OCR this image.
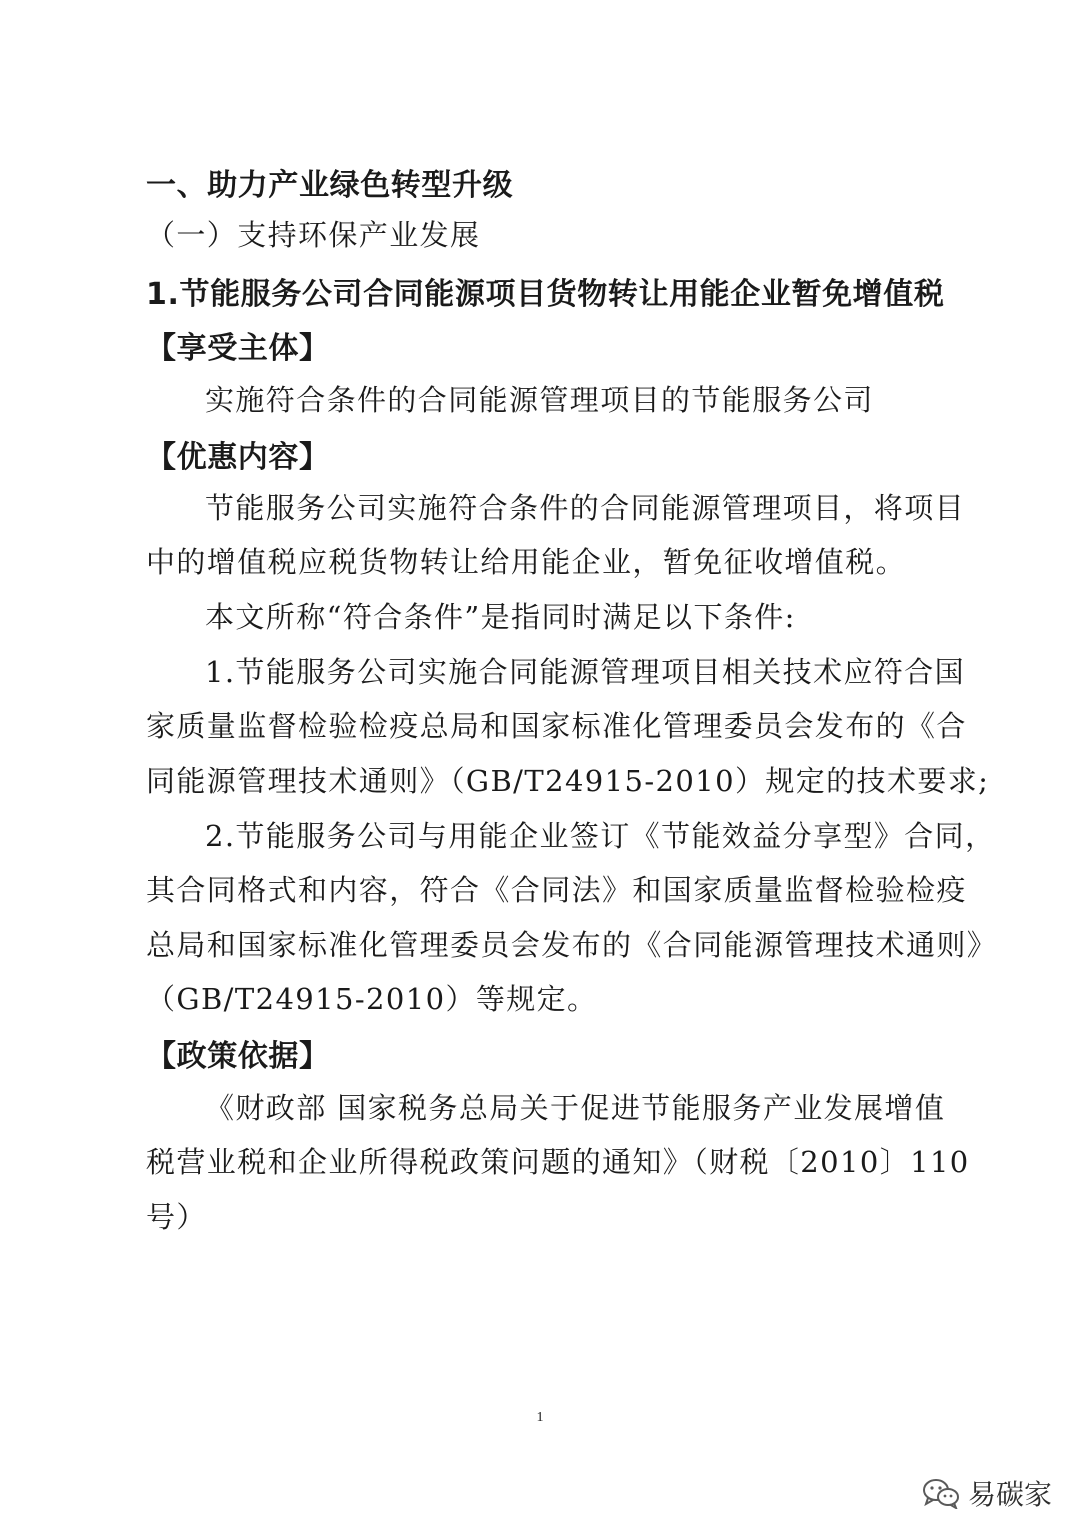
一、助力产业绿色转型升级
（一）支持环保产业发展
1.节能服务公司合同能源项目货物转让用能企业暂免增值税
【享受主体】
实施符合条件的合同能源管理项目的节能服务公司
【优惠内容】
节能服务公司实施符合条件的合同能源管理项目，将项目
中的增值税应税货物转让给用能企业，暂免征收增值税。
本文所称“符合条件”是指同时满足以下条件:
1.节能服务公司实施合同能源管理项目相关技术应符合国
家质量监督检验检疫总局和国家标准化管理委员会发布的《合
同能源管理技术通则》（GB/T24915-2010）规定的技术要求;
2.节能服务公司与用能企业签订《节能效益分享型》合同，
其合同格式和内容，符合《合同法》和国家质量监督检验检疫
总局和国家标准化管理委员会发布的《合同能源管理技术通则》
（GB/T24915-2010）等规定。
【政策依据】
《财政部 国家税务总局关于促进节能服务产业发展增值
税营业税和企业所得税政策问题的通知》（财税〔2010〕110
号）
1
易碳家
